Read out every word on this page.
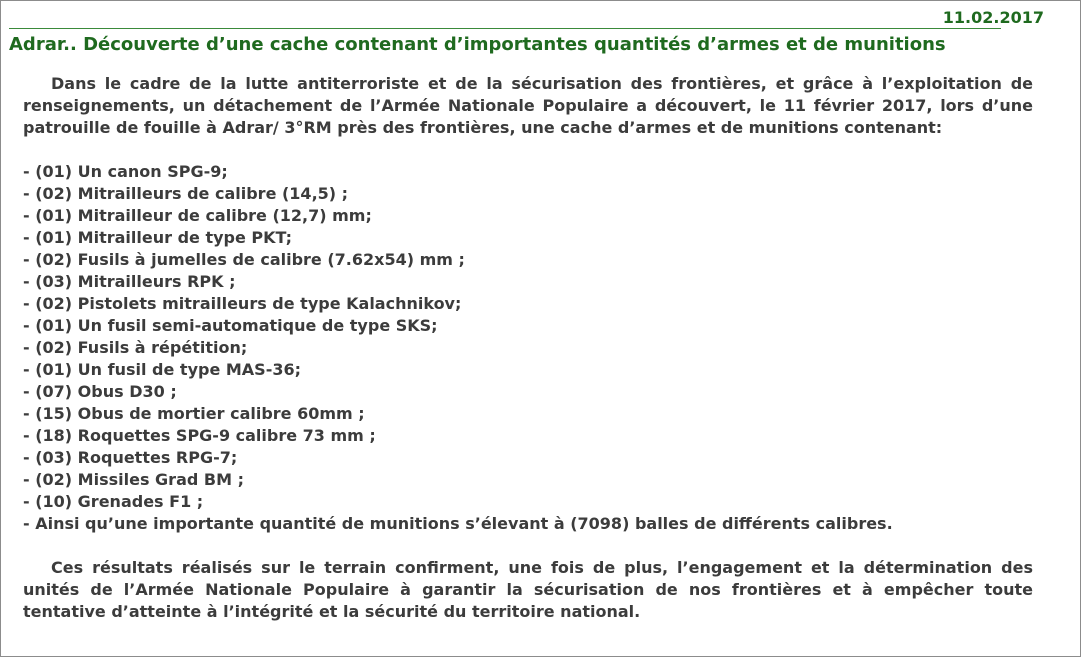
11.02.2017
Adrar.. Découverte d’une cache contenant d’importantes quantités d’armes et de munitions

Dans le cadre de la lutte antiterroriste et de la sécurisation des frontières, et grâce à l’exploitation de renseignements, un détachement de l’Armée Nationale Populaire a découvert, le 11 février 2017, lors d’une patrouille de fouille à Adrar/ 3°RM près des frontières, une cache d’armes et de munitions contenant:

- (01) Un canon SPG-9;
- (02) Mitrailleurs de calibre (14,5) ;
- (01) Mitrailleur de calibre (12,7) mm;
- (01) Mitrailleur de type PKT;
- (02) Fusils à jumelles de calibre (7.62x54) mm ;
- (03) Mitrailleurs RPK ;
- (02) Pistolets mitrailleurs de type Kalachnikov;
- (01) Un fusil semi-automatique de type SKS;
- (02) Fusils à répétition;
- (01) Un fusil de type MAS-36;
- (07) Obus D30 ;
- (15) Obus de mortier calibre 60mm ;
- (18) Roquettes SPG-9 calibre 73 mm ;
- (03) Roquettes RPG-7;
- (02) Missiles Grad BM ;
- (10) Grenades F1 ;
- Ainsi qu’une importante quantité de munitions s’élevant à (7098) balles de différents calibres.

Ces résultats réalisés sur le terrain confirment, une fois de plus, l’engagement et la détermination des unités de l’Armée Nationale Populaire à garantir la sécurisation de nos frontières et à empêcher toute tentative d’atteinte à l’intégrité et la sécurité du territoire national.
